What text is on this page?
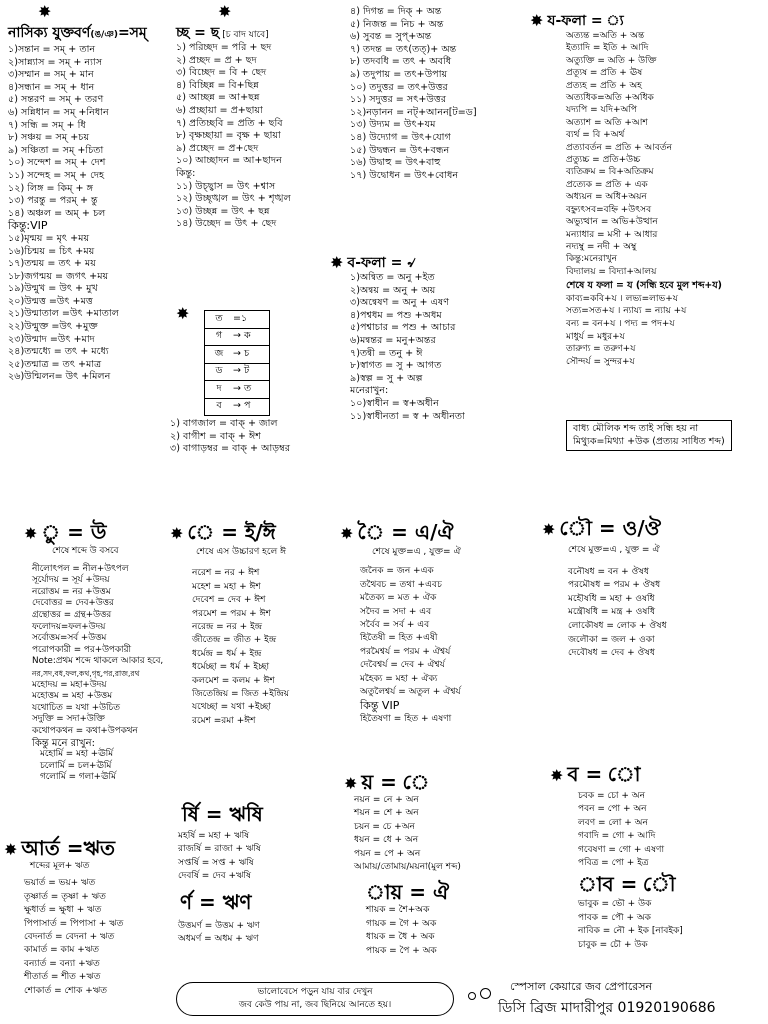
✸
নাসিক্য যুক্তবর্ণ(ঙ/ঞ)=সম্
১)সন্তান = সম্ + তান
২)সান্ন্যাস = সম্ + ন্যাস
৩)সম্মান = সম্ + মান
৪)সন্ধান = সম্ + ধান
৫) সন্তরণ = সম্ + তরণ
৬) সন্নিধান = সম্ +নিধান
৭) সন্ধি = সম্ + ধি
৮) সঞ্চয় = সম্ +চয়
৯) সঞ্চিতা = সম্ +চিতা
১০) সন্দেশ = সম্ + দেশ
১১) সন্দেহ = সম্ + দেহ
১২) লিঙ্গ = কিম্ + ঙ্গ
১৩) পরন্তু = পরম্ + ন্তু
১৪) অঞ্চল = অম্ + চল
কিন্তু:VIP
১৫)মৃন্ময় = মৃৎ +ময়
১৬)চিন্ময় = চিৎ +ময়
১৭)তন্ময় = তৎ + ময়
১৮)জগন্ময় = জগৎ +ময়
১৯)উন্মুখ = উৎ + মুখ
২০)উন্মত্ত =উৎ +মত্ত
২১)উন্মাতাল =উৎ +মাতাল
২২)উন্মুক্ত =উৎ +মুক্ত
২৩)উন্মাদ =উৎ +মাদ
২৪)তন্মধ্যে = তৎ + মধ্যে
২৫)তন্মাত্র = তৎ +মাত্র
২৬)উন্মিলন= উৎ +মিলন
✸
চ্ছ = ছ [চ বাদ যাবে]
১) পরিচ্ছদ = পরি + ছদ
২) প্রচ্ছদ = প্র + ছদ
৩) বিচ্ছেদ = বি + ছেদ
৪) বিচ্ছিন্ন = বি+ছিন্ন
৫) আচ্ছন্ন = আ+ছন্ন
৬) প্রচ্ছায়া = প্র+ছায়া
৭) প্রতিচ্ছবি = প্রতি + ছবি
৮) বৃক্ষচ্ছায়া = বৃক্ষ + ছায়া
৯) প্রচ্ছেদ = প্র+ছেদ
১০) আচ্ছাদন = আ+ছাদন
কিন্তু:
১১) উচ্ছ্বাস = উৎ +শ্বাস
১২) উচ্ছৃঙ্খল = উৎ + শৃঙ্খল
১৩) উচ্ছন্ন = উৎ + ছন্ন
১৪) উচ্ছেদ = উৎ + ছেদ
✸	ত	=১
গ	→ ক
জ	→ চ
ড	→ ট
দ	→ ত
ব	→ প
১) বাগজাল = বাক্ + জাল
২) বাগীশ = বাক্ + ঈশ
৩) বাগাড়ম্বর = বাক্ + আড়ম্বর
৪) দিগন্ত = দিক্ + অন্ত
৫) নিজন্ত = নিচ + অন্ত
৬) সুবন্ত = সুপ্+অন্ত
৭) তদন্ত = তৎ(তত্)+ অন্ত
৮) তদবধি = তৎ + অবধি
৯) তদুপায় = তৎ+উপায়
১০) তদুত্তর = তৎ+উত্তর
১১) সদুত্তর = সৎ+উত্তর
১২)নড়ানন = নট্+আনন[ট=ড]
১৩) উদ্যম = উৎ+যম
১৪) উদ্যোগ = উৎ+যোগ
১৫) উদ্বন্ধন = উৎ+বন্ধন
১৬) উদ্বাহু = উৎ+বাহু
১৭) উদ্বোধন = উৎ+বোধন
✸ ব-ফলা = ৵
১)অন্বিত = অনু +ইত
২)অন্বয় = অনু + অয়
৩)অন্বেষণ = অনু + এষণ
৪)পশ্বধম = পশু +অধম
৫)পশ্বাচার = পশু + আচার
৬)মন্বন্তর = মনু+অন্তর
৭)তন্বী = তনু + ঈ
৮)স্বাগত = সু + আগত
৯)স্বল্প = সু + অল্প
মনেরাখুন:
১০)স্বাধীন = স্ব+অধীন
১১)স্বাধীনতা = স্ব + অধীনতা
✸ য-ফলা = ্য
অত্যন্ত =অতি + অন্ত
ইত্যাদি = ইতি + আদি
অত্যুক্তি = অতি + উক্তি
প্রত্যূষ = প্রতি + ঊষ
প্রত্যহ = প্রতি + অহ
অত্যধিক=অতি +অধিক
যদ্যপি = যদি+অপি
অত্যাশ = অতি +আশ
ব্যর্থ = বি +অর্থ
প্রত্যাবর্তন = প্রতি + আবর্তন
প্রত্যুচ্চ = প্রতি+উচ্চ
ব্যতিক্রম = বি+অতিক্রম
প্রত্যেক = প্রতি + এক
অধ্যয়ন = অধি+অয়ন
বহ্ন্যুৎসব=বহ্নি +উৎসব
অভ্যুত্থান = অভি+উত্থান
মন্যাধার = মসী + আধার
নদ্যম্বু = নদী + অম্বু
কিন্তু:মনেরাখুন
বিদ্যালয় = বিদ্যা+আলয়
শেষে য ফলা = য (সন্ধি হবে মুল শব্দ+য)
কাব্য=কবি+য । লভ্য=লাভ+য
সত্য=সত+য । ন্যায্য = ন্যায় +য
বন্য = বন+য । পদ্য = পদ+য
মাধুর্য = মধুর+য
তারুণ্য = তরুণ+য
সৌন্দর্য = সুন্দর+য
বাধ্য মৌলিক শব্দ তাই সন্ধি হয় না
মিথ্যুক=মিথ্যা +উক (প্রত্যয় সাধিত শব্দ)
✸ ু = উ
শেষে শব্দে উ বসবে
নীলোৎপল = নীল+উৎপল
সূর্যোদয় = সূর্য +উদয়
নরোত্তম = নর +উত্তম
দেবোত্তর = দেব+উত্তর
গ্রন্থোত্তর = গ্রন্থ+উত্তর
ফলোদয়=ফল+উদয়
সর্বোত্তম=সর্ব +উত্তম
পরোপকারী = পর+উপকারী
Note:প্রথম শব্দে থাকলে আকার হবে,
নর,সদ,বধ,ফল,কথ,গৃহ,পর,রাজ,রথ
মহোদয় = মহা+উদয়
মহোত্তম = মহা +উত্তম
যথোচিত = যথা +উচিত
সদুক্তি = সদা+উক্তি
কথোপকথন = কথা+উপকথন
কিন্তু মনে রাখুন:
মহোর্মি = মহা +ঊর্মি
চলোর্মি = চল+ঊর্মি
গলোর্মি = গলা+ঊর্মি
✸ ে = ই/ঈ
শেষে এস উচ্চারণ হলে ঈ
নরেশ = নর + ঈশ
মহেশ = মহা + ঈশ
দেবেশ = দেব + ঈশ
পরমেশ = পরম + ঈশ
নরেন্দ্র = নর + ইন্দ্র
জীতেন্দ্র = জীত + ইন্দ্র
ধর্মেন্দ্র = ধর্ম + ইন্দ্র
ধর্মেচ্ছা = ধর্ম + ইচ্ছা
কলমেশ = কলম + ঈশ
জিতেন্দ্রিয় = জিত +ইন্দ্রিয়
যথেচ্ছা = যথা +ইচ্ছা
রমেশ =রমা +ঈশ
✸ ৈ = এ/ঐ
শেষে মুক্ত=এ , যুক্ত= ঐ
জনৈক = জন +এক
তথৈবচ = তথা +এবচ
মতৈক্য = মত + ঐক
সদৈব = সদা + এব
সর্বৈব = সর্ব + এব
হিতৈষী = হিত +এষী
পরমৈশ্বর্য = পরম + ঐশ্বর্য
দেবৈশ্বর্য = দেব + ঐশ্বর্য
মহৈক্য = মহা + ঐক্য
অতুলৈশ্বর্য = অতুল + ঐশ্বর্য
কিন্তু VIP
হিতৈষণা = হিত + এষণা
✸ ৌ = ও/ঔ
শেষে মুক্ত=এ , যুক্ত = ঐ
বনৌষধ = বন + ঔষধ
পরমৌষধ = পরম + ঔষধ
মহৌষধি = মহা + ওষধি
মন্ত্রৌষধি = মন্ত্র + ওষধি
লোকৌষধ = লোক + ঔষধ
জলৌকা = জল + ওকা
দেবৌষধ = দেব + ঔষধ
র্ষি = ঋষি
মহর্ষি = মহা + ঋষি
রাজর্ষি = রাজা + ঋষি
সপ্তর্ষি = সপ্ত + ঋষি
দেবর্ষি = দেব +ঋষি
র্ণ = ঋণ
উত্তমর্ণ = উত্তম + ঋণ
অধমর্ণ = অধম + ঋণ
✸ আর্ত =ঋত
শব্দের মূল+ ঋত
ভয়ার্ত = ভয়+ ঋত
তৃষ্ণার্ত = তৃষ্ণা + ঋত
ক্ষুধার্ত = ক্ষুধা + ঋত
পিপাসার্ত = পিপাসা + ঋত
বেদনার্ত = বেদনা + ঋত
কামার্ত = কাম +ঋত
বন্যার্ত = বন্যা +ঋত
শীতার্ত = শীত +ঋত
শোকার্ত = শোক +ঋত
✸ য় = ে
নয়ন = নে + অন
শয়ন = শে + অন
চয়ন = চে +অন
ধয়ন = ধে + অন
পয়ন = পে + অন
আমায়/তোমায়/ময়না(মুল শব্দ)
ায় = ঐ
শায়ক = শৈ+অক
গায়ক = গৈ + অক
ধায়ক = ধৈ + অক
পায়ক = পৈ + অক
✸ ব = ো
চবক = চো + অন
পবন = পো + অন
লবণ = লো + অন
গবাদি = গো + আদি
গবেষণা = গো + এষণা
পবিত্র = পো + ইত্র
াব = ৌ
ভাবুক = ভৌ + উক
পাবক = পৌ + অক
নাবিক = নৌ + ইক [নাবইক]
চাবুক = চৌ + উক
ভালোবেসে পড়ুন যায় বার দেখুন
জব কেউ পায় না, জব ছিনিয়ে আনতে হয়।
স্পেসাল কেয়ারে জব প্রেপারেসন
ডিসি ব্রিজ মাদারীপুর 01920190686
